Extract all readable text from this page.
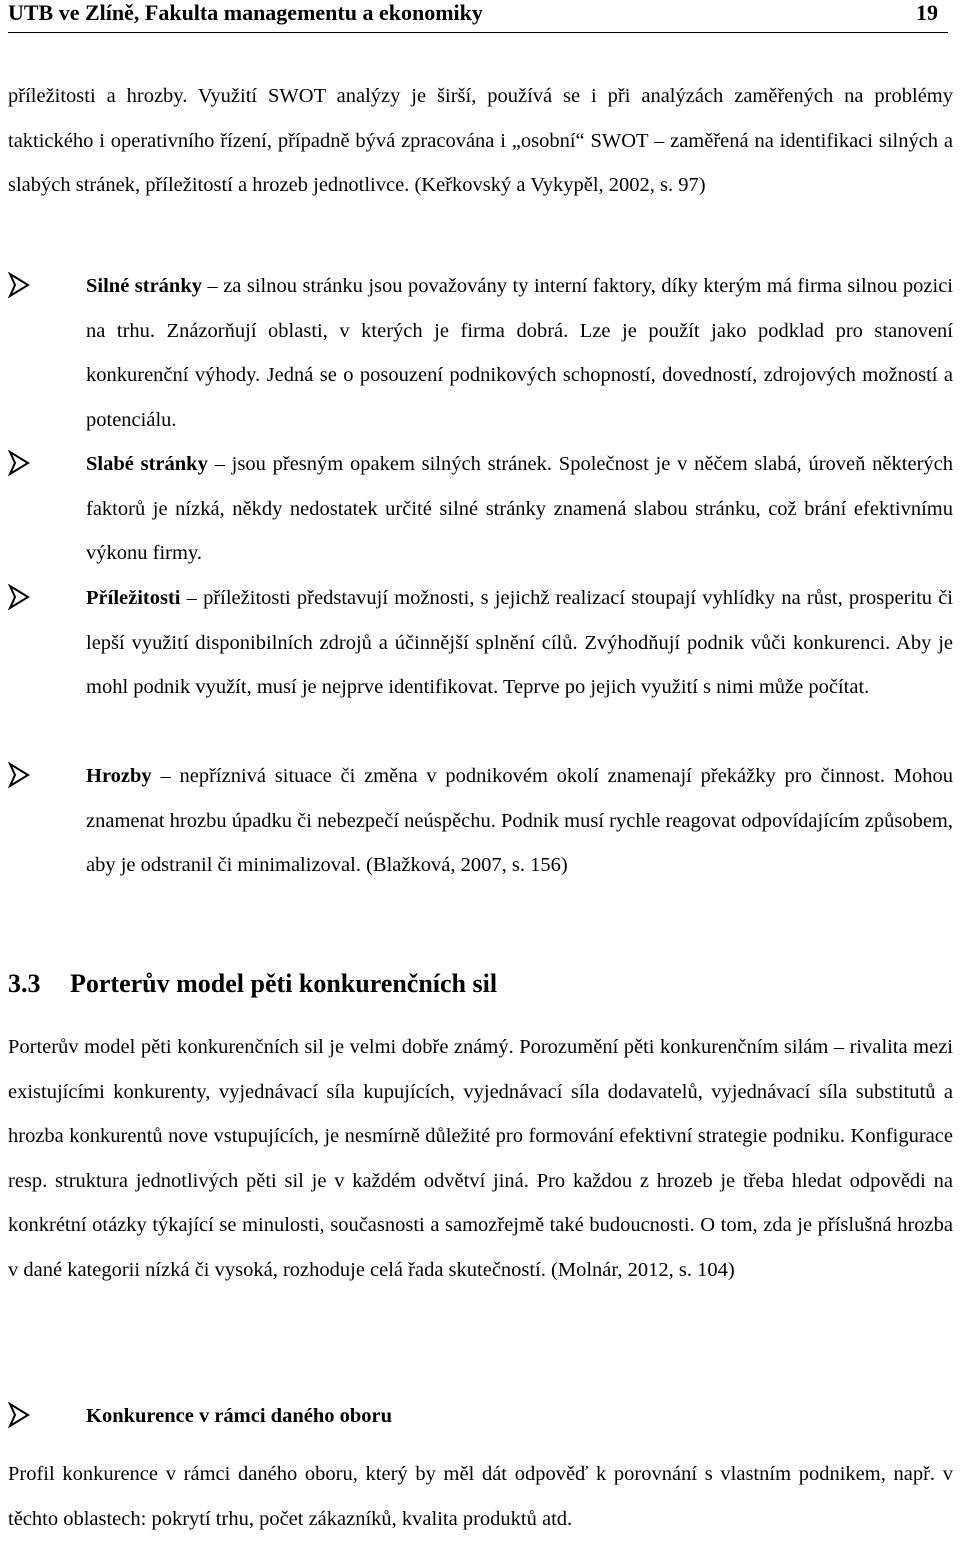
UTB ve Zlíně, Fakulta managementu a ekonomiky	19

příležitosti a hrozby. Využití SWOT analýzy je širší, používá se i při analýzách zaměřených na problémy taktického i operativního řízení, případně bývá zpracována i „osobní“ SWOT – zaměřená na identifikaci silných a slabých stránek, příležitostí a hrozeb jednotlivce. (Keřkovský a Vykypěl, 2002, s. 97)

Silné stránky – za silnou stránku jsou považovány ty interní faktory, díky kterým má firma silnou pozici na trhu. Znázorňují oblasti, v kterých je firma dobrá. Lze je použít jako podklad pro stanovení konkurenční výhody. Jedná se o posouzení podnikových schopností, dovedností, zdrojových možností a potenciálu.

Slabé stránky – jsou přesným opakem silných stránek. Společnost je v něčem slabá, úroveň některých faktorů je nízká, někdy nedostatek určité silné stránky znamená slabou stránku, což brání efektivnímu výkonu firmy.

Příležitosti – příležitosti představují možnosti, s jejichž realizací stoupají vyhlídky na růst, prosperitu či lepší využití disponibilních zdrojů a účinnější splnění cílů. Zvýhodňují podnik vůči konkurenci. Aby je mohl podnik využít, musí je nejprve identifikovat. Teprve po jejich využití s nimi může počítat.

Hrozby – nepříznivá situace či změna v podnikovém okolí znamenají překážky pro činnost. Mohou znamenat hrozbu úpadku či nebezpečí neúspěchu. Podnik musí rychle reagovat odpovídajícím způsobem, aby je odstranil či minimalizoval. (Blažková, 2007, s. 156)

3.3 Porterův model pěti konkurenčních sil

Porterův model pěti konkurenčních sil je velmi dobře známý. Porozumění pěti konkurenčním silám – rivalita mezi existujícími konkurenty, vyjednávací síla kupujících, vyjednávací síla dodavatelů, vyjednávací síla substitutů a hrozba konkurentů nove vstupujících, je nesmírně důležité pro formování efektivní strategie podniku. Konfigurace resp. struktura jednotlivých pěti sil je v každém odvětví jiná. Pro každou z hrozeb je třeba hledat odpovědi na konkrétní otázky týkající se minulosti, současnosti a samozřejmě také budoucnosti. O tom, zda je příslušná hrozba v dané kategorii nízká či vysoká, rozhoduje celá řada skutečností. (Molnár, 2012, s. 104)

Konkurence v rámci daného oboru

Profil konkurence v rámci daného oboru, který by měl dát odpověď k porovnání s vlastním podnikem, např. v těchto oblastech: pokrytí trhu, počet zákazníků, kvalita produktů atd.
